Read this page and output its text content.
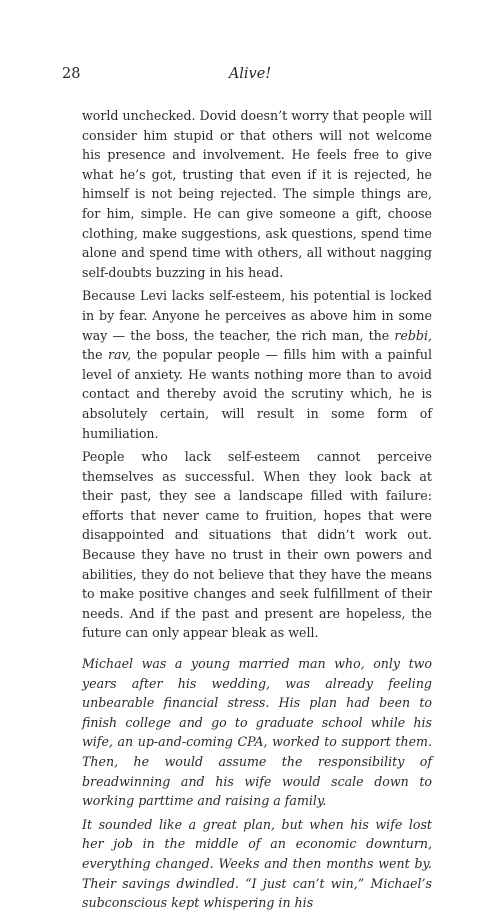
28	Alive!

world unchecked. Dovid doesn’t worry that people will consider him stupid or that others will not welcome his presence and involvement. He feels free to give what he’s got, trusting that even if it is rejected, he himself is not being rejected. The simple things are, for him, simple. He can give someone a gift, choose clothing, make suggestions, ask questions, spend time alone and spend time with others, all without nagging self-doubts buzzing in his head.

Because Levi lacks self-esteem, his potential is locked in by fear. Anyone he perceives as above him in some way — the boss, the teacher, the rich man, the rebbi, the rav, the popular people — fills him with a painful level of anxiety. He wants nothing more than to avoid contact and thereby avoid the scrutiny which, he is absolutely certain, will result in some form of humiliation.

People who lack self-esteem cannot perceive themselves as successful. When they look back at their past, they see a landscape filled with failure: efforts that never came to fruition, hopes that were disappointed and situations that didn’t work out. Because they have no trust in their own powers and abilities, they do not believe that they have the means to make positive changes and seek fulfillment of their needs. And if the past and present are hopeless, the future can only appear bleak as well.

Michael was a young married man who, only two years after his wedding, was already feeling unbearable financial stress. His plan had been to finish college and go to graduate school while his wife, an up-and-coming CPA, worked to support them. Then, he would assume the responsibility of breadwinning and his wife would scale down to working parttime and raising a family.

It sounded like a great plan, but when his wife lost her job in the middle of an economic downturn, everything changed. Weeks and then months went by. Their savings dwindled. “I just can’t win,” Michael’s subconscious kept whispering in his
